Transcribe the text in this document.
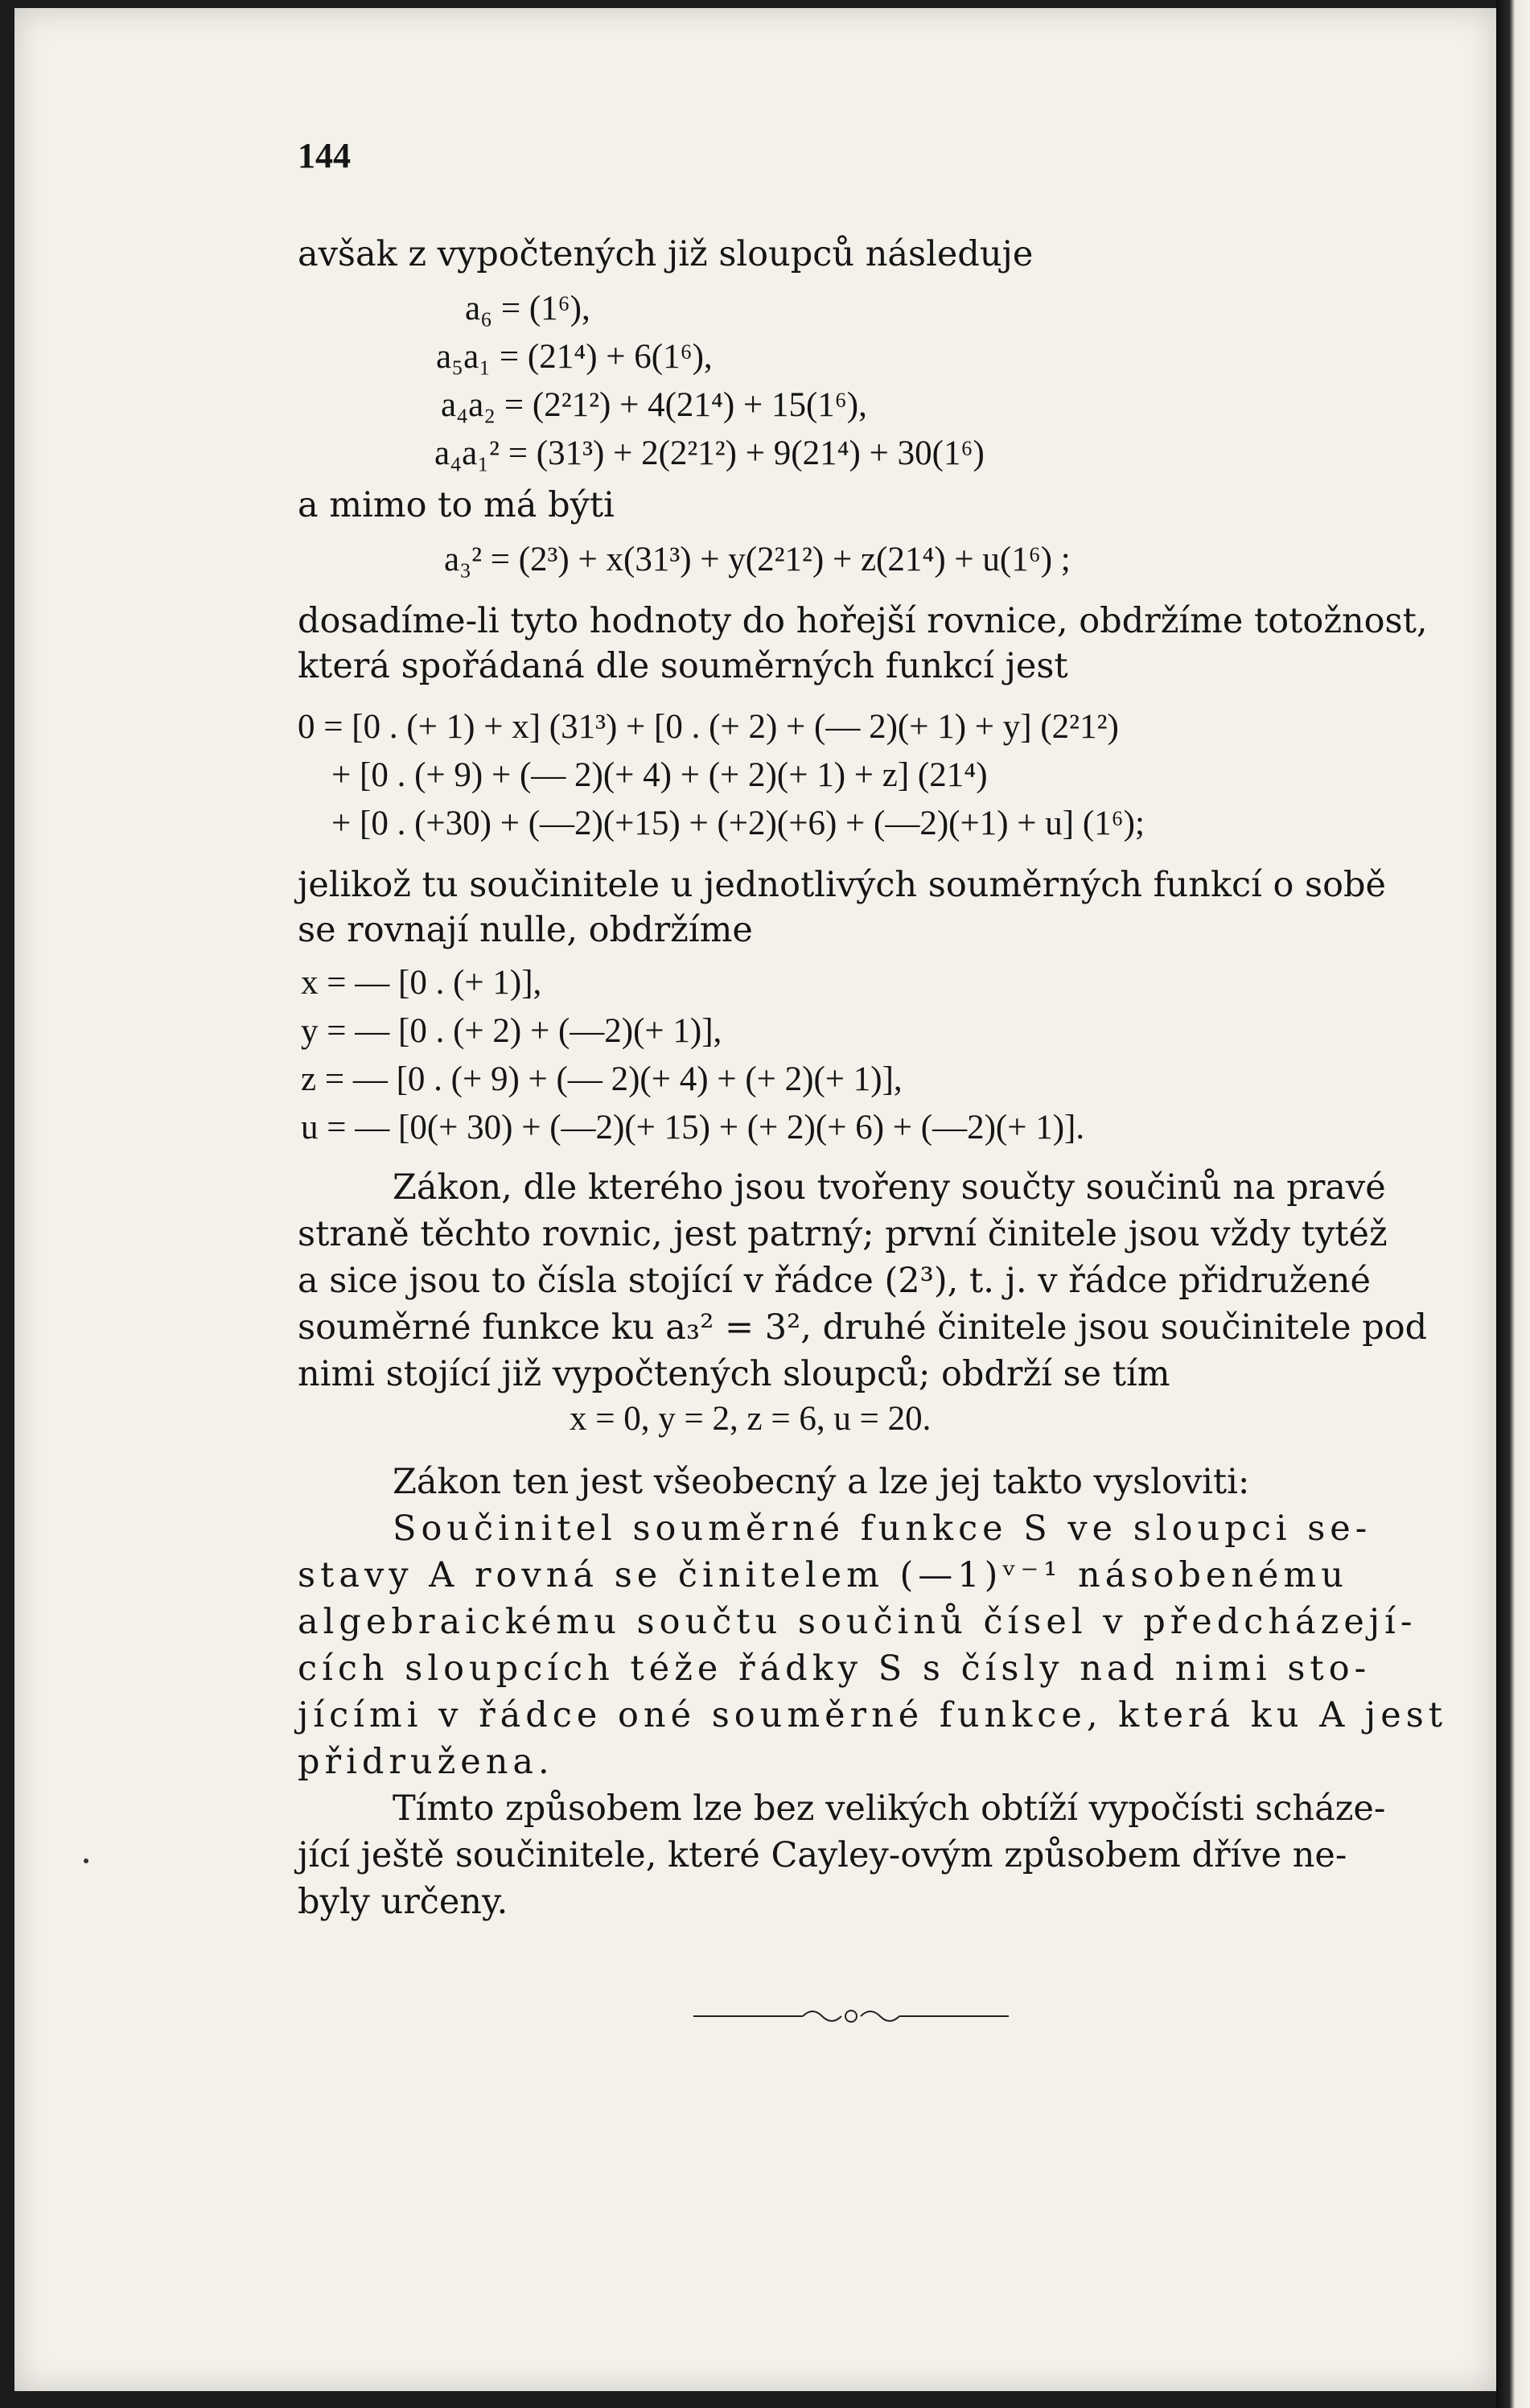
144
avšak z vypočtených již sloupců následuje
a₆ = (1⁶),
a₅a₁ = (21⁴) + 6(1⁶),
a₄a₂ = (2²1²) + 4(21⁴) + 15(1⁶),
a₄a₁² = (31³) + 2(2²1²) + 9(21⁴) + 30(1⁶)
a mimo to má býti
a₃² = (2³) + x(31³) + y(2²1²) + z(21⁴) + u(1⁶) ;
dosadíme-li tyto hodnoty do hořejší rovnice, obdržíme totožnost,
která spořádaná dle souměrných funkcí jest
0 = [0 . (+ 1) + x] (31³) + [0 . (+ 2) + (— 2)(+ 1) + y] (2²1²)
+ [0 . (+ 9) + (— 2)(+ 4) + (+ 2)(+ 1) + z] (21⁴)
+ [0 . (+30) + (—2)(+15) + (+2)(+6) + (—2)(+1) + u] (1⁶);
jelikož tu součinitele u jednotlivých souměrných funkcí o sobě
se rovnají nulle, obdržíme
x = — [0 . (+ 1)],
y = — [0 . (+ 2) + (—2)(+ 1)],
z = — [0 . (+ 9) + (— 2)(+ 4) + (+ 2)(+ 1)],
u = — [0(+ 30) + (—2)(+ 15) + (+ 2)(+ 6) + (—2)(+ 1)].
Zákon, dle kterého jsou tvořeny součty součinů na pravé
straně těchto rovnic, jest patrný; první činitele jsou vždy tytéž
a sice jsou to čísla stojící v řádce (2³), t. j. v řádce přidružené
souměrné funkce ku a₃² = 3², druhé činitele jsou součinitele pod
nimi stojící již vypočtených sloupců; obdrží se tím
x = 0, y = 2, z = 6, u = 20.
Zákon ten jest všeobecný a lze jej takto vysloviti:
Součinitel souměrné funkce S ve sloupci se-
stavy A rovná se činitelem (—1)ᵛ⁻¹ násobenému
algebraickému součtu součinů čísel v předcházejí-
cích sloupcích téže řádky S s čísly nad nimi sto-
jícími v řádce oné souměrné funkce, která ku A jest
přidružena.
Tímto způsobem lze bez velikých obtíží vypočísti scháze-
jící ještě součinitele, které Cayley-ovým způsobem dříve ne-
byly určeny.
